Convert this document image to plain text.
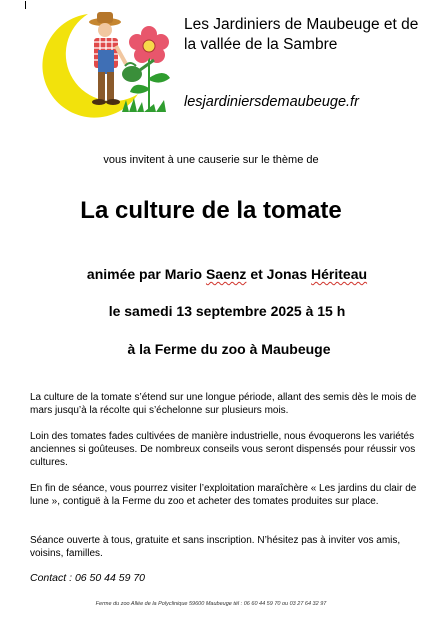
Les Jardiniers de Maubeuge et de la vallée de la Sambre
lesjardiniersdemaubeuge.fr
vous invitent à une causerie sur le thème de
La culture de la tomate
animée par Mario Saenz et Jonas Hériteau
le samedi 13 septembre 2025 à 15 h
à la Ferme du zoo à Maubeuge
La culture de la tomate s’étend sur une longue période, allant des semis dès le mois de mars jusqu’à la récolte qui s’échelonne sur plusieurs mois.
Loin des tomates fades cultivées de manière industrielle, nous évoquerons les variétés anciennes si goûteuses. De nombreux conseils vous seront dispensés pour réussir vos cultures.
En fin de séance, vous pourrez visiter l’exploitation maraîchère « Les jardins du clair de lune », contiguë à la Ferme du zoo et acheter des tomates produites sur place.
Séance ouverte à tous, gratuite et sans inscription. N’hésitez pas à inviter vos amis, voisins, familles.
Contact : 06 50 44 59 70
Ferme du zoo Allée de la Polyclinique 59600 Maubeuge tél : 06 60 44 59 70 ou 03 27 64 32 97
